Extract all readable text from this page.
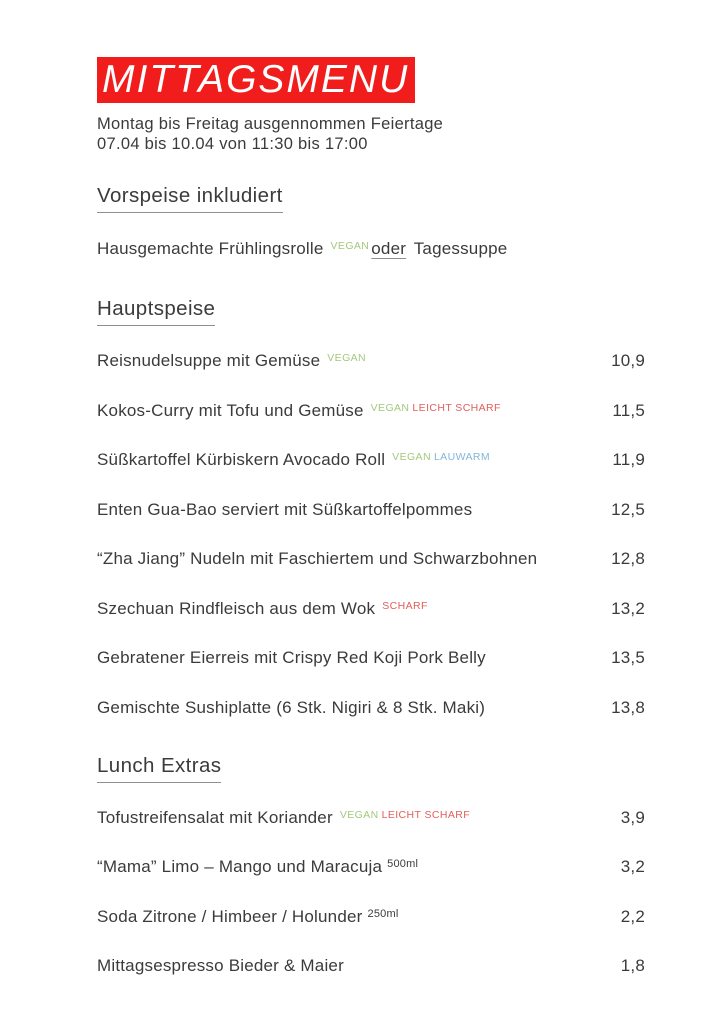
MITTAGSMENU
Montag bis Freitag ausgennommen Feiertage
07.04 bis 10.04 von 11:30 bis 17:00
Vorspeise inkludiert
Hausgemachte Frühlingsrolle VEGAN oder Tagessuppe
Hauptspeise
Reisnudelsuppe mit Gemüse VEGAN	10,9
Kokos-Curry mit Tofu und Gemüse VEGAN LEICHT SCHARF	11,5
Süßkartoffel Kürbiskern Avocado Roll VEGAN LAUWARM	11,9
Enten Gua-Bao serviert mit Süßkartoffelpommes	12,5
“Zha Jiang” Nudeln mit Faschiertem und Schwarzbohnen	12,8
Szechuan Rindfleisch aus dem Wok SCHARF	13,2
Gebratener Eierreis mit Crispy Red Koji Pork Belly	13,5
Gemischte Sushiplatte (6 Stk. Nigiri & 8 Stk. Maki)	13,8
Lunch Extras
Tofustreifensalat mit Koriander VEGAN LEICHT SCHARF	3,9
“Mama” Limo – Mango und Maracuja 500ml	3,2
Soda Zitrone / Himbeer / Holunder 250ml	2,2
Mittagsespresso Bieder & Maier	1,8
